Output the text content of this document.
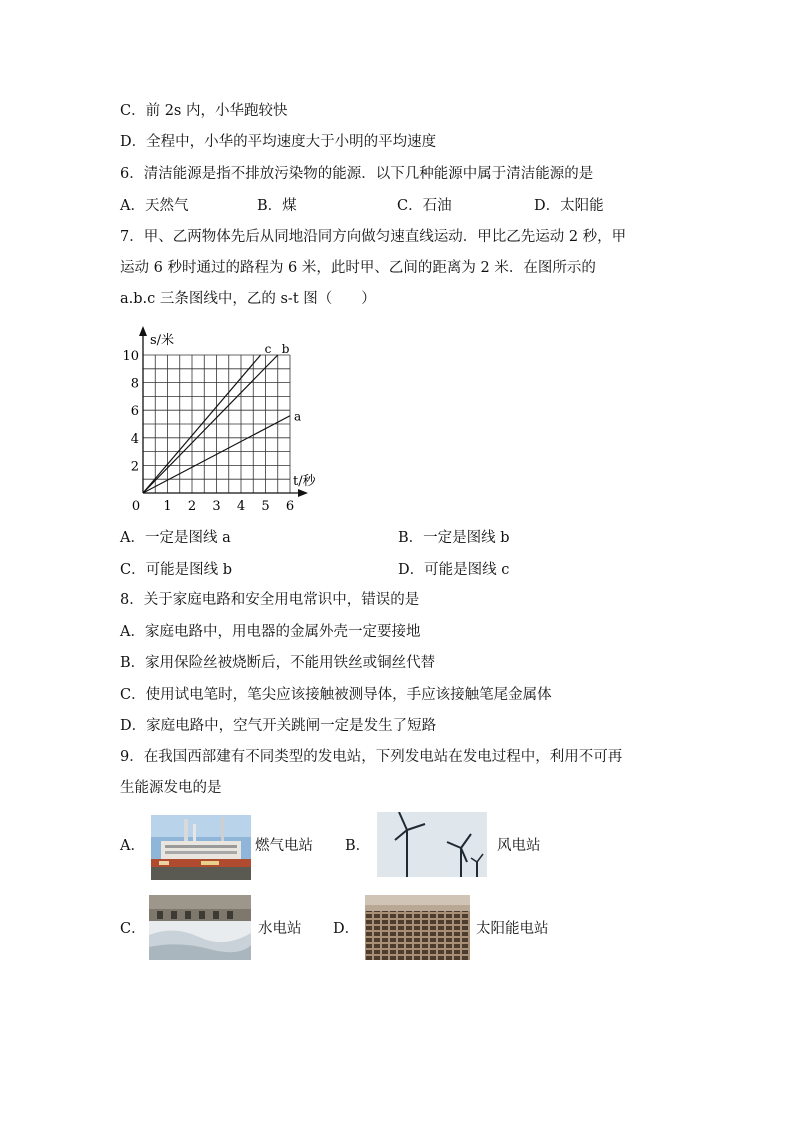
C．前 2s 内，小华跑较快
D．全程中，小华的平均速度大于小明的平均速度
6．清洁能源是指不排放污染物的能源．以下几种能源中属于清洁能源的是
A．天然气	B．煤	C．石油	D．太阳能
7．甲、乙两物体先后从同地沿同方向做匀速直线运动．甲比乙先运动 2 秒，甲
运动 6 秒时通过的路程为 6 米，此时甲、乙间的距离为 2 米．在图所示的
a.b.c 三条图线中，乙的 s-t 图（　　）
a
b
c
0 1 2 3 4 5 6
2
4
6
8
10
s/米
t/秒
A．一定是图线 a	B．一定是图线 b
C．可能是图线 b	D．可能是图线 c
8．关于家庭电路和安全用电常识中，错误的是
A．家庭电路中，用电器的金属外壳一定要接地
B．家用保险丝被烧断后，不能用铁丝或铜丝代替
C．使用试电笔时，笔尖应该接触被测导体，手应该接触笔尾金属体
D．家庭电路中，空气开关跳闸一定是发生了短路
9．在我国西部建有不同类型的发电站，下列发电站在发电过程中，利用不可再
生能源发电的是
A．	燃气电站 B．	风电站
C．	水电站 D．	太阳能电站
